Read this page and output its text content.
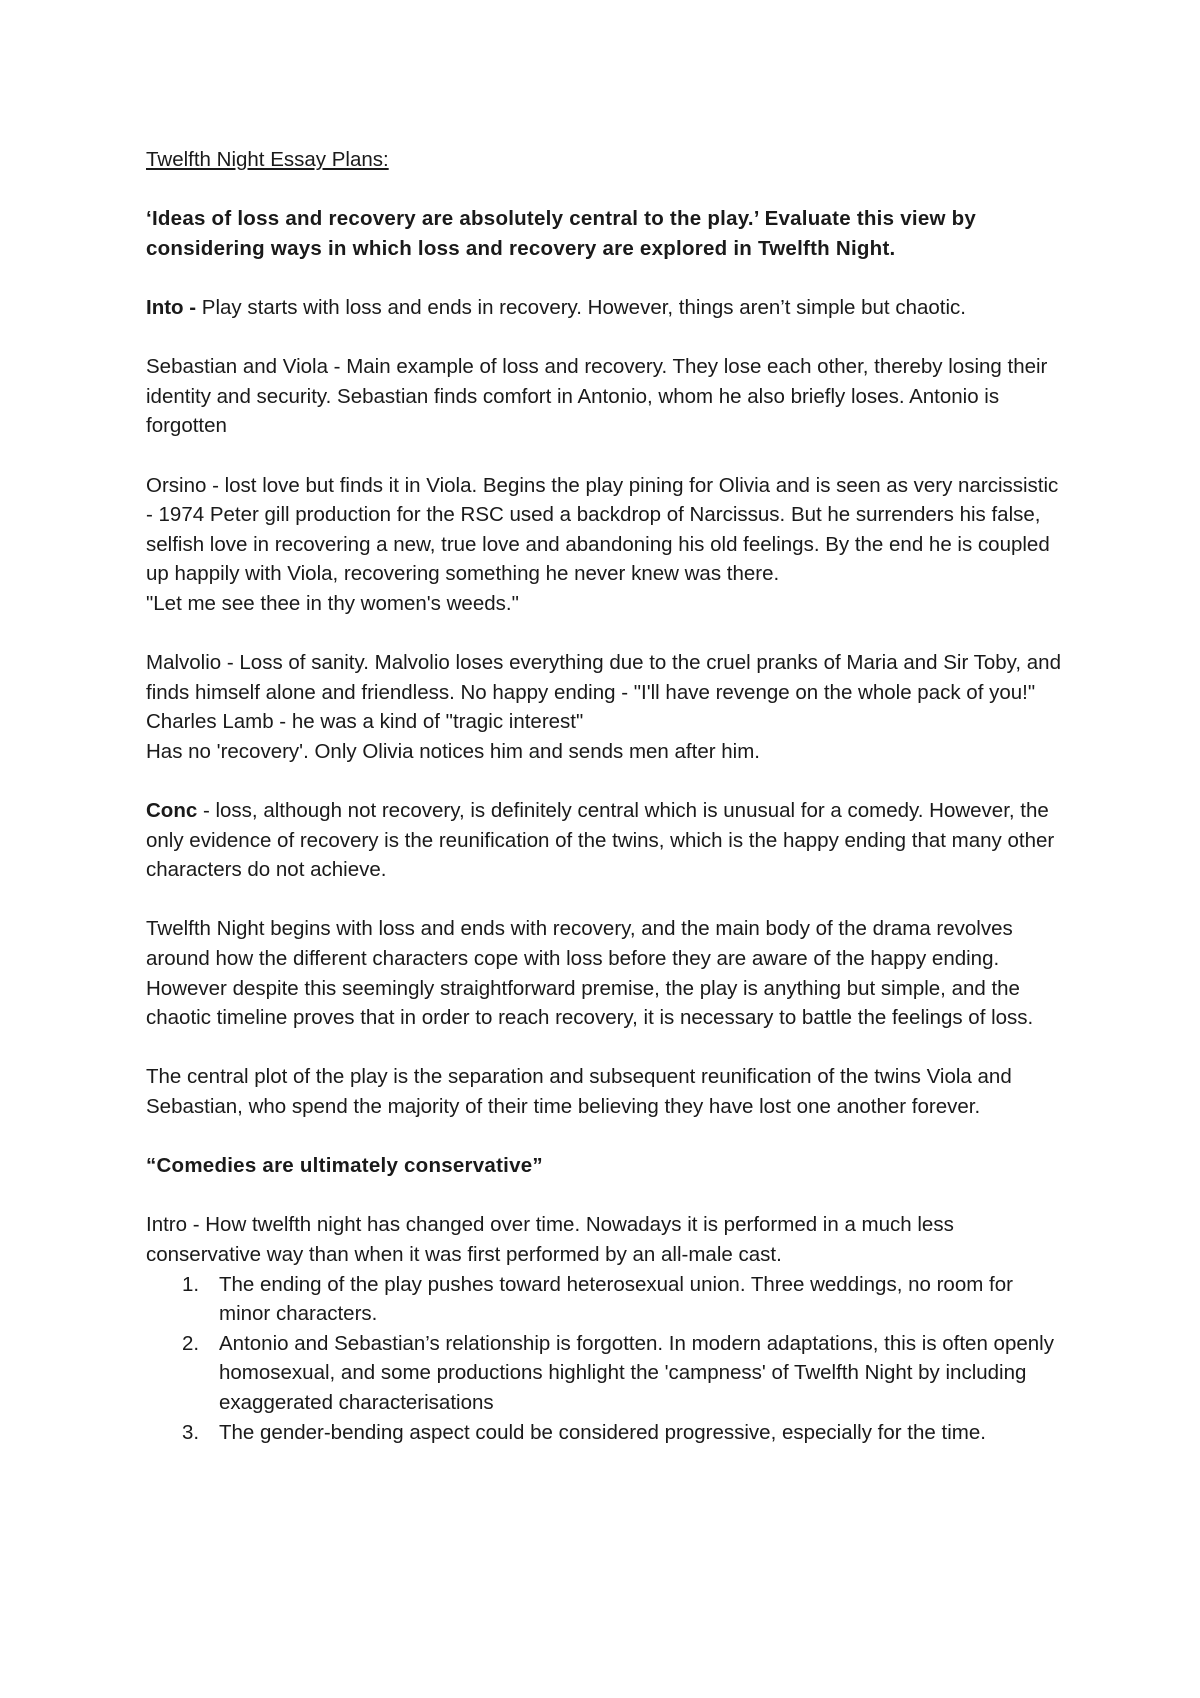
Twelfth Night Essay Plans:

‘Ideas of loss and recovery are absolutely central to the play.’ Evaluate this view by considering ways in which loss and recovery are explored in Twelfth Night.

Into - Play starts with loss and ends in recovery. However, things aren’t simple but chaotic.

Sebastian and Viola - Main example of loss and recovery. They lose each other, thereby losing their identity and security. Sebastian finds comfort in Antonio, whom he also briefly loses. Antonio is forgotten

Orsino - lost love but finds it in Viola. Begins the play pining for Olivia and is seen as very narcissistic - 1974 Peter gill production for the RSC used a backdrop of Narcissus. But he surrenders his false, selfish love in recovering a new, true love and abandoning his old feelings. By the end he is coupled up happily with Viola, recovering something he never knew was there.

"Let me see thee in thy women's weeds."

Malvolio - Loss of sanity. Malvolio loses everything due to the cruel pranks of Maria and Sir Toby, and finds himself alone and friendless. No happy ending - "I'll have revenge on the whole pack of you!"

Charles Lamb - he was a kind of "tragic interest"

Has no 'recovery'. Only Olivia notices him and sends men after him.

Conc - loss, although not recovery, is definitely central which is unusual for a comedy. However, the only evidence of recovery is the reunification of the twins, which is the happy ending that many other characters do not achieve.

Twelfth Night begins with loss and ends with recovery, and the main body of the drama revolves around how the different characters cope with loss before they are aware of the happy ending. However despite this seemingly straightforward premise, the play is anything but simple, and the chaotic timeline proves that in order to reach recovery, it is necessary to battle the feelings of loss.

The central plot of the play is the separation and subsequent reunification of the twins Viola and Sebastian, who spend the majority of their time believing they have lost one another forever.

“Comedies are ultimately conservative”

Intro - How twelfth night has changed over time. Nowadays it is performed in a much less conservative way than when it was first performed by an all-male cast.

1. The ending of the play pushes toward heterosexual union. Three weddings, no room for minor characters.
2. Antonio and Sebastian’s relationship is forgotten. In modern adaptations, this is often openly homosexual, and some productions highlight the 'campness' of Twelfth Night by including exaggerated characterisations
3. The gender-bending aspect could be considered progressive, especially for the time.
